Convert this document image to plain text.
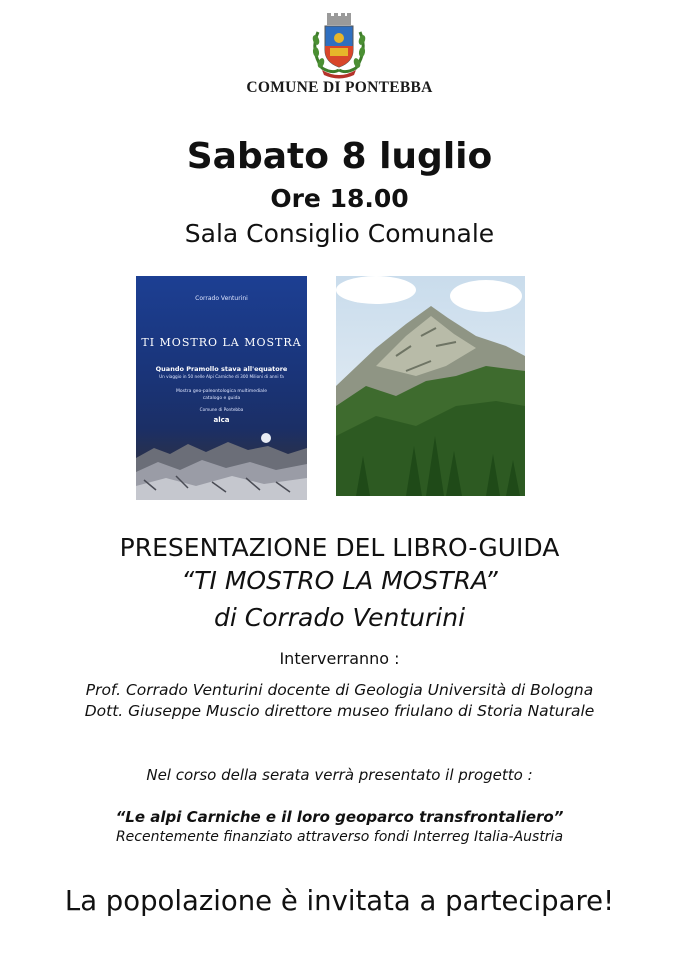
COMUNE DI PONTEBBA
Sabato 8 luglio
Ore 18.00
Sala Consiglio Comunale
Corrado Venturini
TI MOSTRO LA MOSTRA
Quando Pramollo stava all'equatore
Un viaggio in 50 nelle Alpi Carniche di 300 Milioni di anni fa
Mostra geo-paleontologica multimediale
catalogo e guida
Comune di Pontebba
alca
PRESENTAZIONE DEL LIBRO-GUIDA
“TI MOSTRO LA MOSTRA”
di Corrado Venturini
Interverranno :
Prof. Corrado Venturini docente di Geologia Università di Bologna
Dott. Giuseppe Muscio direttore museo friulano di Storia Naturale
Nel corso della serata verrà presentato il progetto :
“Le alpi Carniche e il loro geoparco transfrontaliero”
Recentemente finanziato attraverso fondi Interreg Italia-Austria
La popolazione è invitata a partecipare!
